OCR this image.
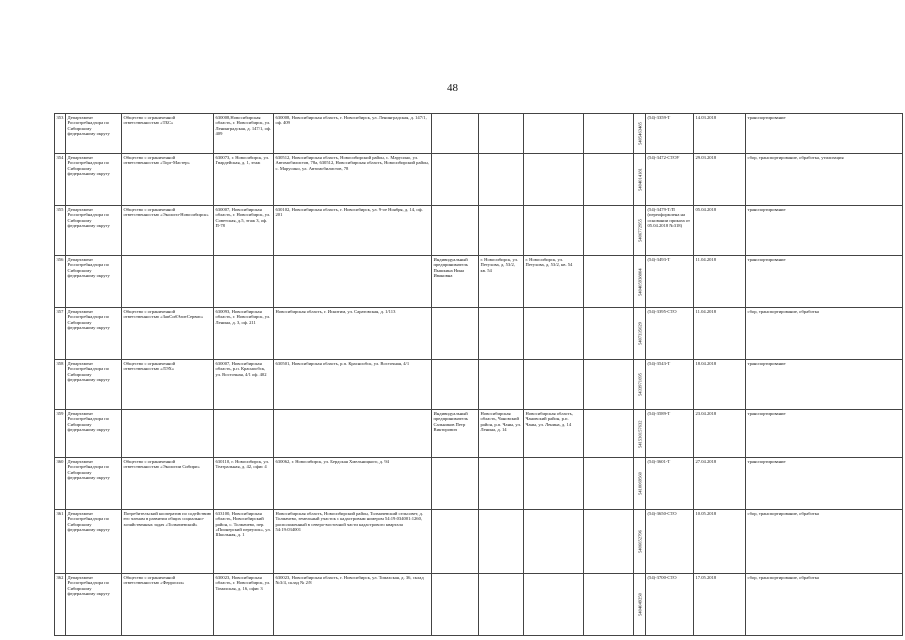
48
353	Департамент Роспотребнадзора по Сибирскому федеральному округу	Общество с ограниченной ответственностью «ТБС»	630008,Новосибирская область, г. Новосибирск, ул. Ленинградская, д. 147/1, оф. 409	630008, Новосибирская область, г. Новосибирск, ул. Ленинградская, д. 147/1, оф. 409					5405463485	(54)-3359-Т	14.03.2018	транспортирование
354	Департамент Роспотребнадзора по Сибирскому федеральному округу	Общество с ограниченной ответственностью «Торг-Мастер»	630073, г. Новосибирск, ул. Гвардейская, д. 1, этаж	630512, Новосибирская область, Новосибирский район, с. Марусино, ул. Автомобилистов, 78а, 630512, Новосибирская область, Новосибирский район, с. Марусино, ул. Автомобилистов, 78					5404014181	(54)-3472-СТОУ	29.03.2018	сбор, транспортирование, обработка, утилизация
355	Департамент Роспотребнадзора по Сибирскому федеральному округу	Общество с ограниченной ответственностью «Экологи-Новосибирск»	630007, Новосибирская область, г. Новосибирск, ул. Советская, д.5, этаж 3, оф. П-78	630102, Новосибирская область, г. Новосибирск, ул. 9-ое Ноября, д. 14, оф. 201					5406772955	(54)-3479-Т/П (переоформлена на основании приказа от 05.04.2018 №318)	05.04.2018	транспортирование
356	Департамент Роспотребнадзора по Сибирскому федеральному округу				Индивидуальный предприниматель Пышкина Нина Ивановна	г. Новосибирск, ул. Петухова, д. 53/2, кв. 54	г. Новосибирск, ул. Петухова, д. 53/2, кв. 54		540405938804	(54)-3493-Т	11.04.2018	транспортирование
357	Департамент Роспотребнадзора по Сибирскому федеральному округу	Общество с ограниченной ответственностью «ЗапСибЭлитСервис»	630093, Новосибирская область, г. Новосибирск, ул. Ленина, д. 3, оф. 211	Новосибирская область, г. Искитим, ул. Саратовская, д. 1/113					5407335629	(54)-3395-СТО	11.04.2018	сбор, транспортирование, обработка
358	Департамент Роспотребнадзора по Сибирскому федеральному округу	Общество с ограниченной ответственностью «ЛЭХ»	630007, Новосибирская область, р.п. Краснообск, ул. Восточная, 4/1 оф. 402	630501, Новосибирская область, р.п. Краснообск, ул. Восточная, 4/1					5433971695	(54)-3543-Т	18.04.2018	транспортирование
359	Департамент Роспотребнадзора по Сибирскому федеральному округу				Индивидуальный предприниматель Сальников Петр Викторович	Новосибирская область, Чановский район, р.п. Чаны, ул. Ленина, д. 14	Новосибирская область, Чановский район, р.п. Чаны, ул. Ленина, д. 14		541530157632	(54)-3589-Т	23.04.2018	транспортирование
360	Департамент Роспотребнадзора по Сибирскому федеральному округу	Общество с ограниченной ответственностью «Экологии Сибири»	630110, г. Новосибирск, ул. Театральная, д. 42, офис 4	630062, г. Новосибирск, ул. Бердская Хмельницкого, д. 94					5410069560	(54)-3601-Т	27.04.2018	транспортирование
361	Департамент Роспотребнадзора по Сибирскому федеральному округу	Потребительский кооператив по содействию его членам в развитии общих социально-хозяйственных задач «Толмачевский»	633100, Новосибирская область, Новосибирский район, с. Толмачево, пер. «Пионерский переулок», ул. Школьная, д. 1	Новосибирская область, Новосибирский район, Толмачевский сельсовет, д. Толмачево, земельный участок с кадастровым номером 54:19:034001:1260, расположенный в северо-восточной части кадастрового квартала 54:19:034001					5406652796	(54)-3650-СТО	10.05.2018	сбор, транспортирование, обработка
362	Департамент Роспотребнадзора по Сибирскому федеральному округу	Общество с ограниченной ответственностью «Ферросил»	630023, Новосибирская область, г. Новосибирск, ул. Томахская, д. 16, офис 3	630023, Новосибирская область, г. Новосибирск, ул. Томахская, д. 36, склад №3/4, склад № 2/8					5404049250	(54)-3700-СТО	17.05.2018	сбор, транспортирование, обработка
